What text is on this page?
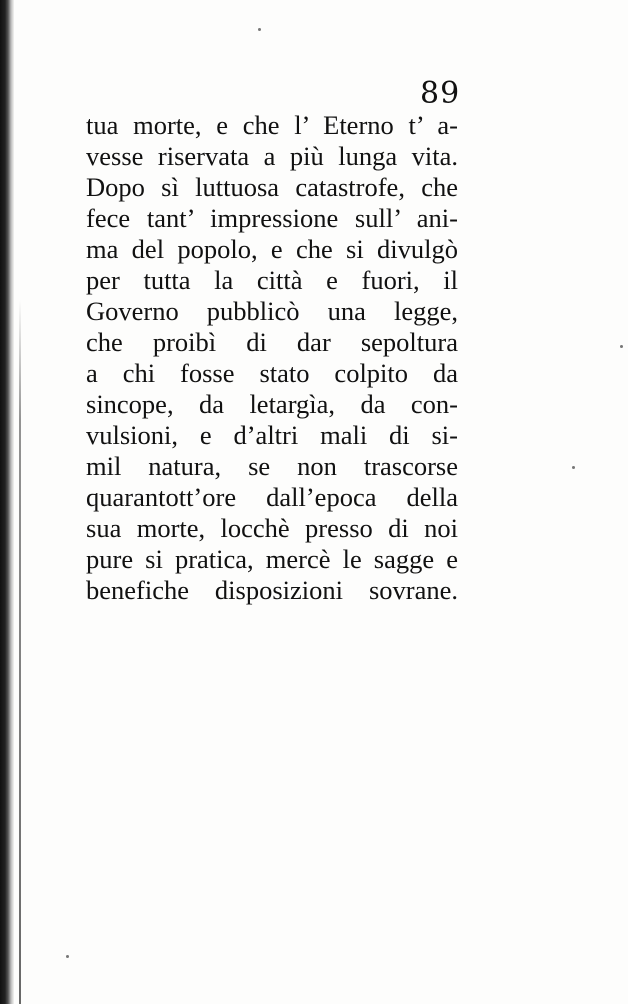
89
tua morte, e che l’ Eterno t’ a-
vesse riservata a più lunga vita.
Dopo sì luttuosa catastrofe, che
fece tant’ impressione sull’ ani-
ma del popolo, e che si divulgò
per tutta la città e fuori, il
Governo pubblicò una legge,
che proibì di dar sepoltura
a chi fosse stato colpito da
sincope, da letargìa, da con-
vulsioni, e d’altri mali di si-
mil natura, se non trascorse
quarantott’ore dall’epoca della
sua morte, locchè presso di noi
pure si pratica, mercè le sagge e
benefiche disposizioni sovrane.
